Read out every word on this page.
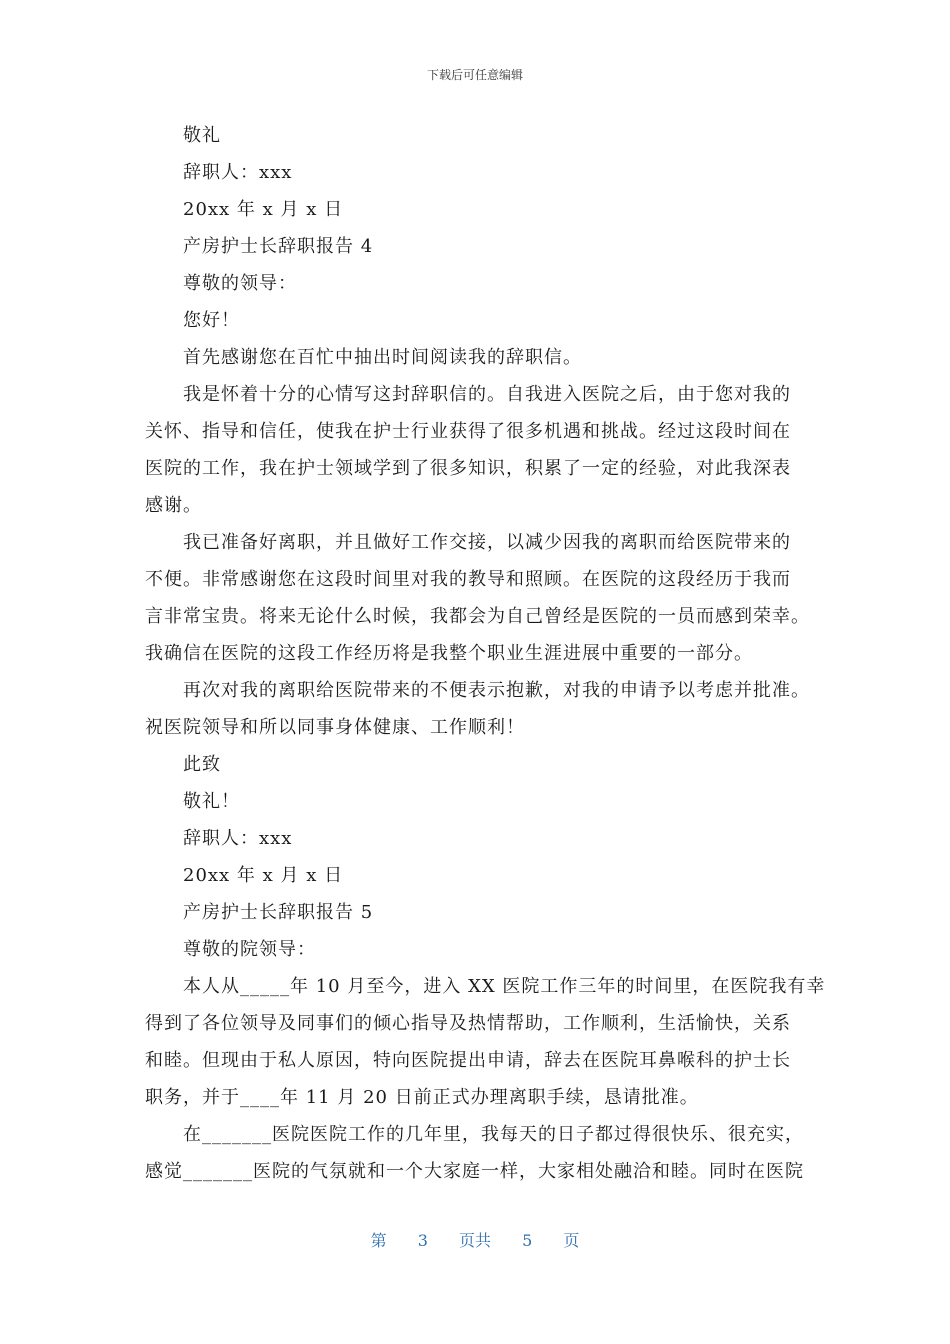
下载后可任意编辑

敬礼

辞职人：xxx

20xx 年 x 月 x 日

产房护士长辞职报告 4

尊敬的领导：

您好！

首先感谢您在百忙中抽出时间阅读我的辞职信。

我是怀着十分的心情写这封辞职信的。自我进入医院之后，由于您对我的

关怀、指导和信任，使我在护士行业获得了很多机遇和挑战。经过这段时间在

医院的工作，我在护士领域学到了很多知识，积累了一定的经验，对此我深表

感谢。

我已准备好离职，并且做好工作交接，以减少因我的离职而给医院带来的

不便。非常感谢您在这段时间里对我的教导和照顾。在医院的这段经历于我而

言非常宝贵。将来无论什么时候，我都会为自己曾经是医院的一员而感到荣幸。

我确信在医院的这段工作经历将是我整个职业生涯进展中重要的一部分。

再次对我的离职给医院带来的不便表示抱歉，对我的申请予以考虑并批准。

祝医院领导和所以同事身体健康、工作顺利！

此致

敬礼！

辞职人：xxx

20xx 年 x 月 x 日

产房护士长辞职报告 5

尊敬的院领导：

本人从_____年 10 月至今，进入 XX 医院工作三年的时间里，在医院我有幸

得到了各位领导及同事们的倾心指导及热情帮助，工作顺利，生活愉快，关系

和睦。但现由于私人原因，特向医院提出申请，辞去在医院耳鼻喉科的护士长

职务，并于____年 11 月 20 日前正式办理离职手续，恳请批准。

在_______医院医院工作的几年里，我每天的日子都过得很快乐、很充实，

感觉_______医院的气氛就和一个大家庭一样，大家相处融洽和睦。同时在医院

第 3 页共 5 页
